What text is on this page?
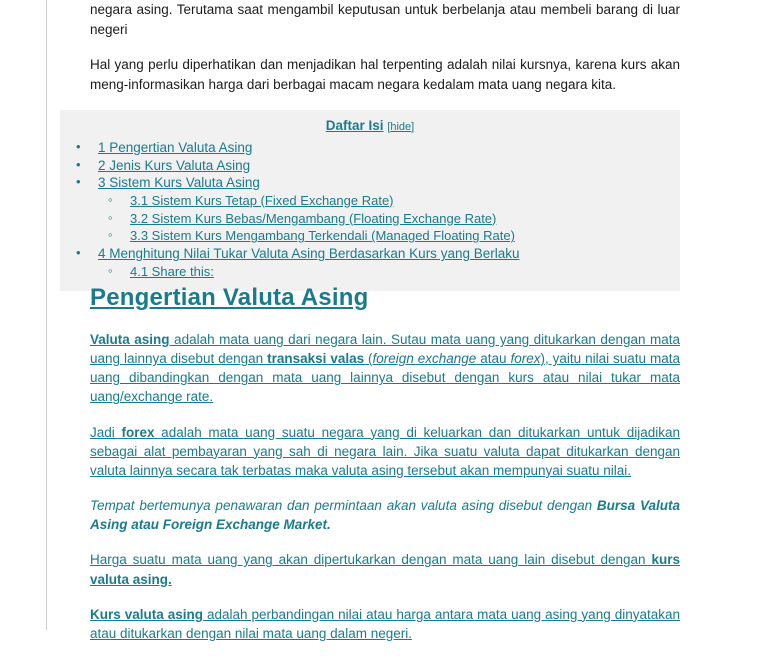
negara asing. Terutama saat mengambil keputusan untuk berbelanja atau membeli barang di luar negeri

Hal yang perlu diperhatikan dan menjadikan hal terpenting adalah nilai kursnya, karena kurs akan meng-informasikan harga dari berbagai macam negara kedalam mata uang negara kita.

Daftar Isi [hide]
• 1 Pengertian Valuta Asing
• 2 Jenis Kurs Valuta Asing
• 3 Sistem Kurs Valuta Asing
◦ 3.1 Sistem Kurs Tetap (Fixed Exchange Rate)
◦ 3.2 Sistem Kurs Bebas/Mengambang (Floating Exchange Rate)
◦ 3.3 Sistem Kurs Mengambang Terkendali (Managed Floating Rate)
• 4 Menghitung Nilai Tukar Valuta Asing Berdasarkan Kurs yang Berlaku
◦ 4.1 Share this:
Pengertian Valuta Asing
Valuta asing adalah mata uang dari negara lain. Sutau mata uang yang ditukarkan dengan mata uang lainnya disebut dengan transaksi valas (foreign exchange atau forex), yaitu nilai suatu mata uang dibandingkan dengan mata uang lainnya disebut dengan kurs atau nilai tukar mata uang/exchange rate.
Jadi forex adalah mata uang suatu negara yang di keluarkan dan ditukarkan untuk dijadikan sebagai alat pembayaran yang sah di negara lain. Jika suatu valuta dapat ditukarkan dengan valuta lainnya secara tak terbatas maka valuta asing tersebut akan mempunyai suatu nilai.
Tempat bertemunya penawaran dan permintaan akan valuta asing disebut dengan Bursa Valuta Asing atau Foreign Exchange Market.
Harga suatu mata uang yang akan dipertukarkan dengan mata uang lain disebut dengan kurs valuta asing.
Kurs valuta asing adalah perbandingan nilai atau harga antara mata uang asing yang dinyatakan atau ditukarkan dengan nilai mata uang dalam negeri.
